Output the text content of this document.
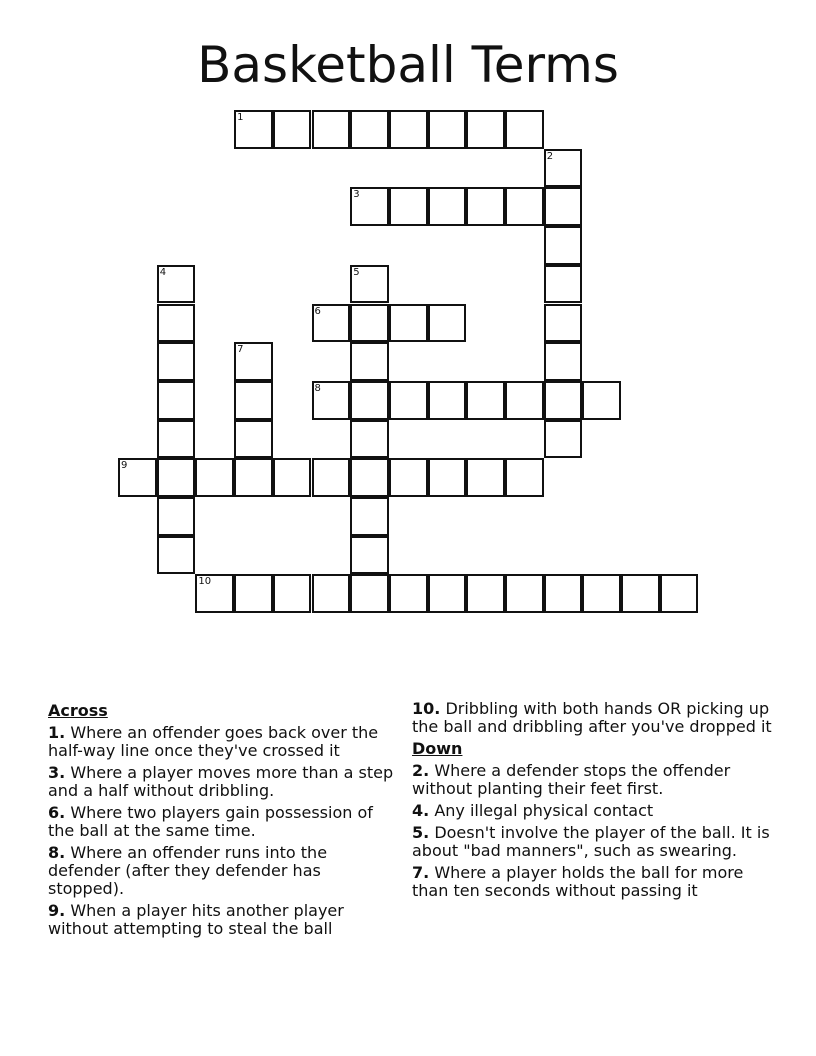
Basketball Terms
1
2
3
4	5
6
7
8
9
10
Across
1. Where an offender goes back over the half-way line once they've crossed it
3. Where a player moves more than a step and a half without dribbling.
6. Where two players gain possession of the ball at the same time.
8. Where an offender runs into the defender (after they defender has stopped).
9. When a player hits another player without attempting to steal the ball
10. Dribbling with both hands OR picking up the ball and dribbling after you've dropped it
Down
2. Where a defender stops the offender without planting their feet first.
4. Any illegal physical contact
5. Doesn't involve the player of the ball. It is about "bad manners", such as swearing.
7. Where a player holds the ball for more than ten seconds without passing it
